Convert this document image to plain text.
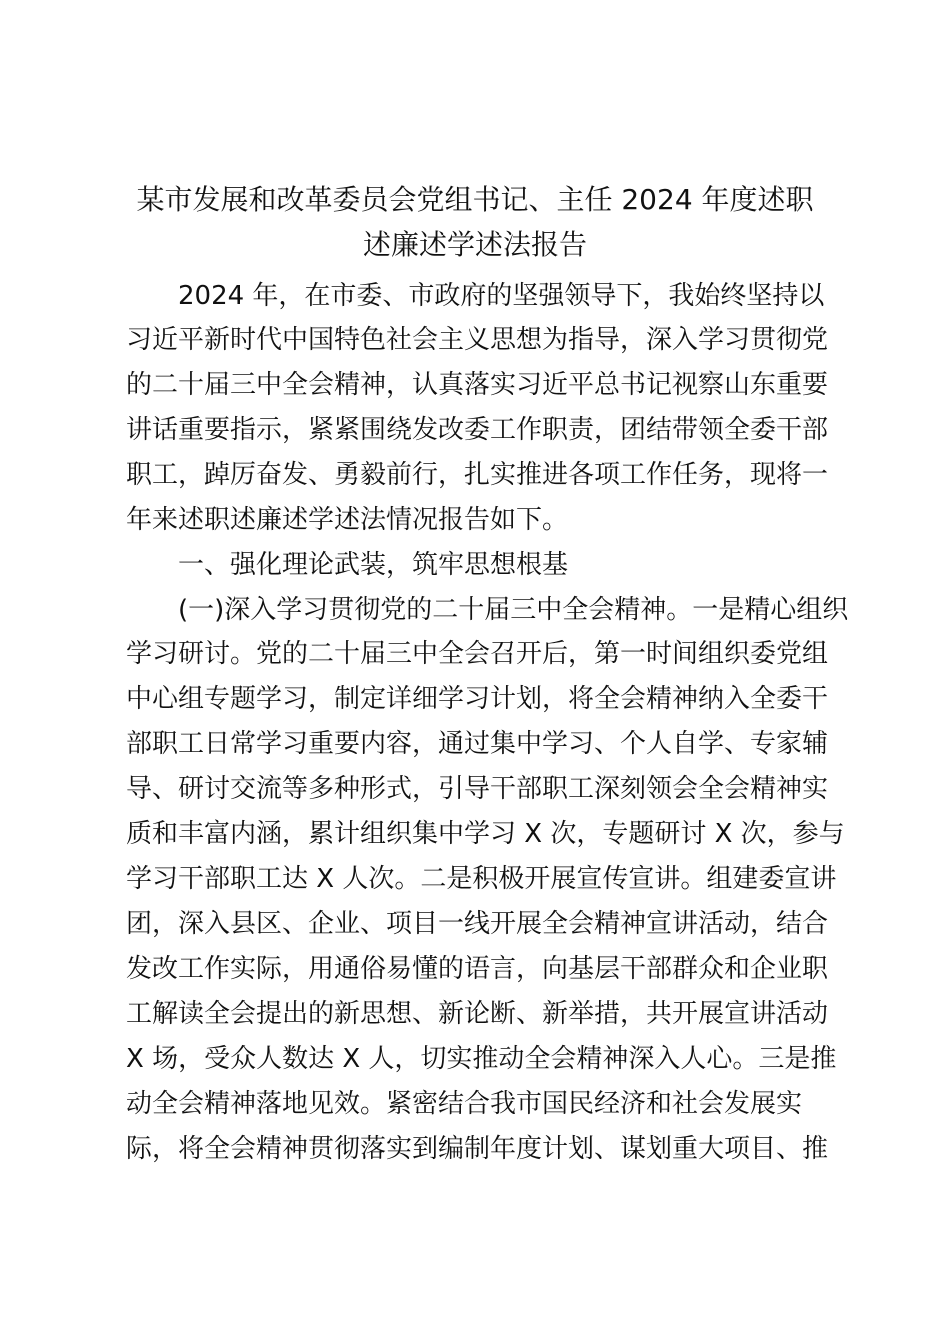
某市发展和改革委员会党组书记、主任 2024 年度述职
述廉述学述法报告
2024 年，在市委、市政府的坚强领导下，我始终坚持以
习近平新时代中国特色社会主义思想为指导，深入学习贯彻党
的二十届三中全会精神，认真落实习近平总书记视察山东重要
讲话重要指示，紧紧围绕发改委工作职责，团结带领全委干部
职工，踔厉奋发、勇毅前行，扎实推进各项工作任务，现将一
年来述职述廉述学述法情况报告如下。
一、强化理论武装，筑牢思想根基
(一)深入学习贯彻党的二十届三中全会精神。一是精心组织
学习研讨。党的二十届三中全会召开后，第一时间组织委党组
中心组专题学习，制定详细学习计划，将全会精神纳入全委干
部职工日常学习重要内容，通过集中学习、个人自学、专家辅
导、研讨交流等多种形式，引导干部职工深刻领会全会精神实
质和丰富内涵，累计组织集中学习 X 次，专题研讨 X 次，参与
学习干部职工达 X 人次。二是积极开展宣传宣讲。组建委宣讲
团，深入县区、企业、项目一线开展全会精神宣讲活动，结合
发改工作实际，用通俗易懂的语言，向基层干部群众和企业职
工解读全会提出的新思想、新论断、新举措，共开展宣讲活动
X 场，受众人数达 X 人，切实推动全会精神深入人心。三是推
动全会精神落地见效。紧密结合我市国民经济和社会发展实
际，将全会精神贯彻落实到编制年度计划、谋划重大项目、推
